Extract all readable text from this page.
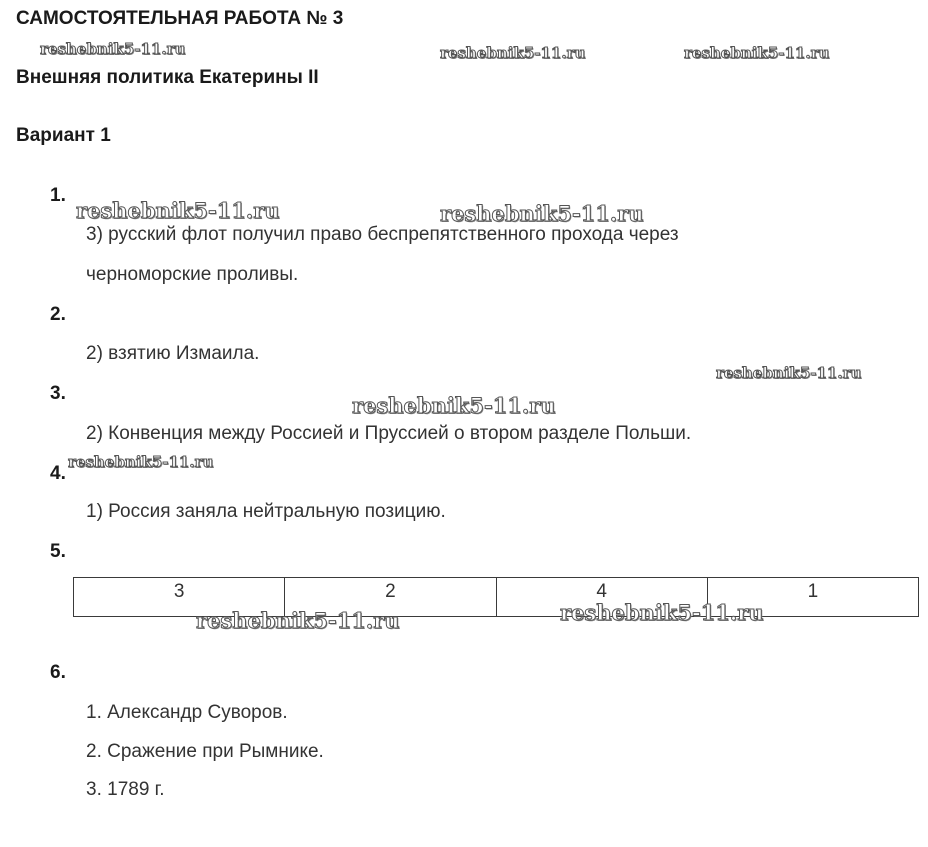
САМОСТОЯТЕЛЬНАЯ РАБОТА № 3
Внешняя политика Екатерины II
Вариант 1
1.
3) русский флот получил право беспрепятственного прохода через
черноморские проливы.
2.
2) взятию Измаила.
3.
2) Конвенция между Россией и Пруссией о втором разделе Польши.
4.
1) Россия заняла нейтральную позицию.
5.
3	2	4	1
6.
1. Александр Суворов.
2. Сражение при Рымнике.
3. 1789 г.
reshebnik5-11.ru	reshebnik5-11.ru	reshebnik5-11.ru
reshebnik5-11.ru	reshebnik5-11.ru
reshebnik5-11.ru
reshebnik5-11.ru
reshebnik5-11.ru
reshebnik5-11.ru	reshebnik5-11.ru
